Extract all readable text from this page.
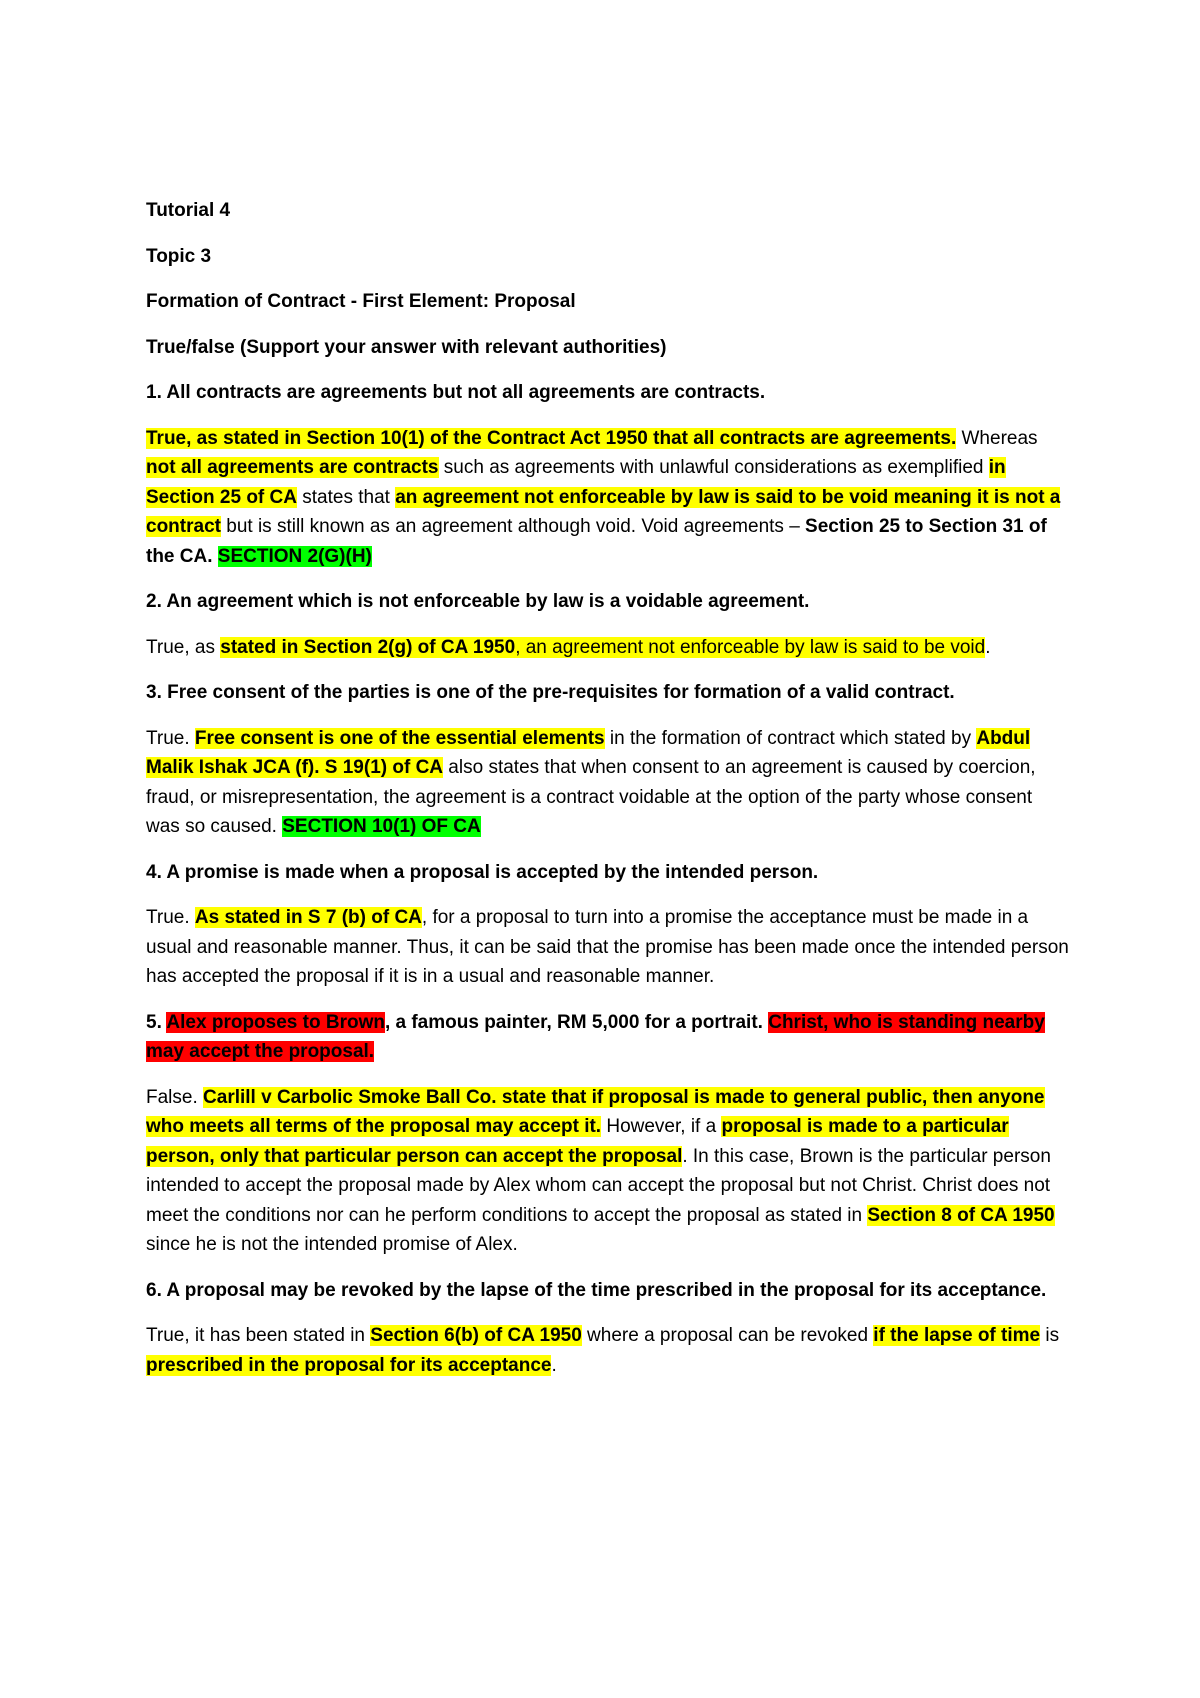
Tutorial 4

Topic 3

Formation of Contract - First Element: Proposal

True/false (Support your answer with relevant authorities)

1. All contracts are agreements but not all agreements are contracts.

True, as stated in Section 10(1) of the Contract Act 1950 that all contracts are agreements. Whereas not all agreements are contracts such as agreements with unlawful considerations as exemplified in Section 25 of CA states that an agreement not enforceable by law is said to be void meaning it is not a contract but is still known as an agreement although void. Void agreements – Section 25 to Section 31 of the CA. SECTION 2(G)(H)

2. An agreement which is not enforceable by law is a voidable agreement.

True, as stated in Section 2(g) of CA 1950, an agreement not enforceable by law is said to be void.

3. Free consent of the parties is one of the pre-requisites for formation of a valid contract.

True. Free consent is one of the essential elements in the formation of contract which stated by Abdul Malik Ishak JCA (f). S 19(1) of CA also states that when consent to an agreement is caused by coercion, fraud, or misrepresentation, the agreement is a contract voidable at the option of the party whose consent was so caused. SECTION 10(1) OF CA

4. A promise is made when a proposal is accepted by the intended person.

True. As stated in S 7 (b) of CA, for a proposal to turn into a promise the acceptance must be made in a usual and reasonable manner. Thus, it can be said that the promise has been made once the intended person has accepted the proposal if it is in a usual and reasonable manner.

5. Alex proposes to Brown, a famous painter, RM 5,000 for a portrait. Christ, who is standing nearby may accept the proposal.

False. Carlill v Carbolic Smoke Ball Co. state that if proposal is made to general public, then anyone who meets all terms of the proposal may accept it. However, if a proposal is made to a particular person, only that particular person can accept the proposal. In this case, Brown is the particular person intended to accept the proposal made by Alex whom can accept the proposal but not Christ. Christ does not meet the conditions nor can he perform conditions to accept the proposal as stated in Section 8 of CA 1950 since he is not the intended promise of Alex.

6. A proposal may be revoked by the lapse of the time prescribed in the proposal for its acceptance.

True, it has been stated in Section 6(b) of CA 1950 where a proposal can be revoked if the lapse of time is prescribed in the proposal for its acceptance.
